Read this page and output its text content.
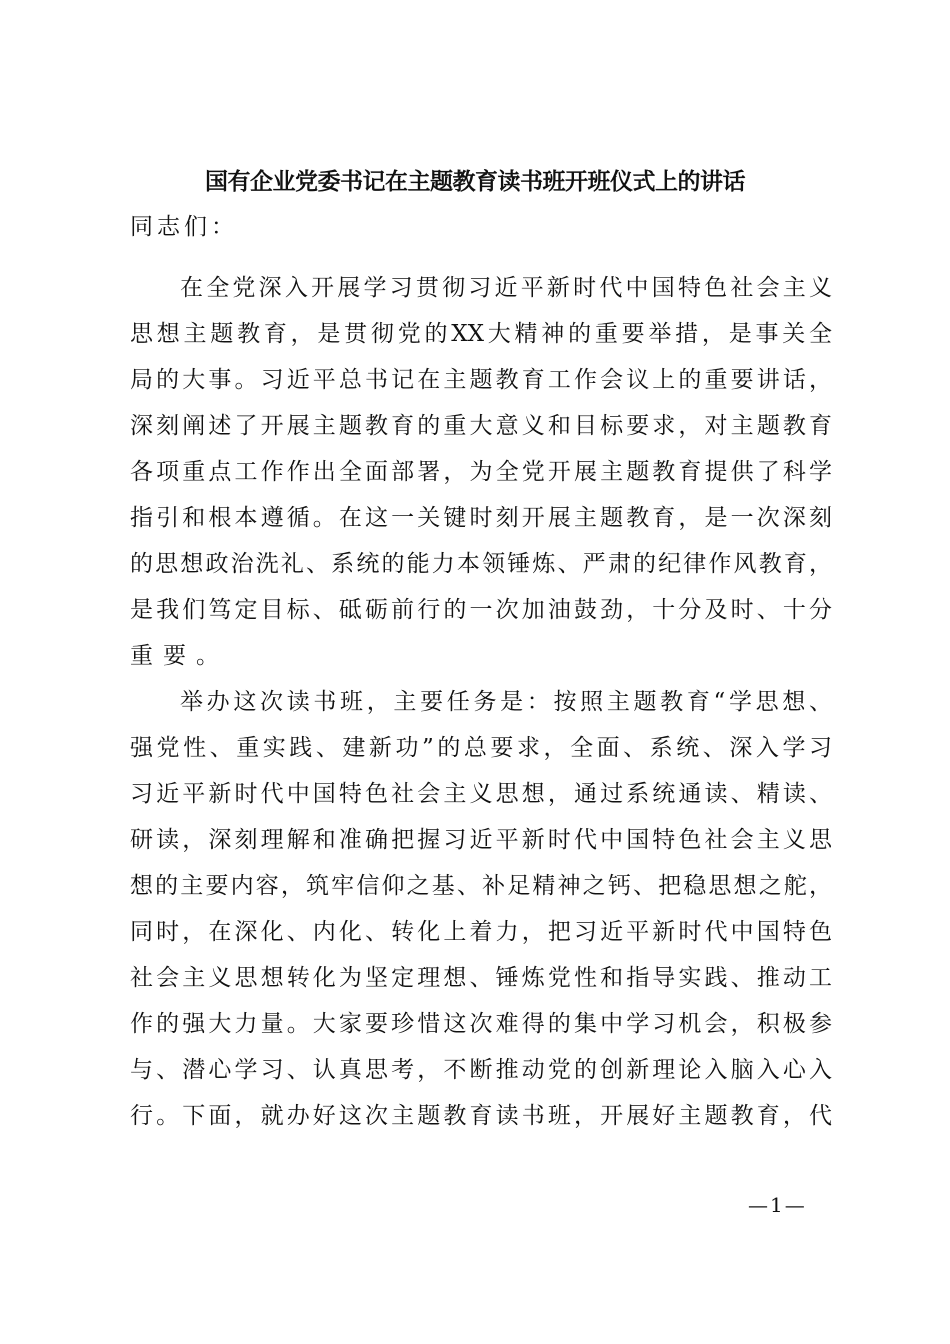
国有企业党委书记在主题教育读书班开班仪式上的讲话
同志们：
在全党深入开展学习贯彻习近平新时代中国特色社会主义
思想主题教育，是贯彻党的XX大精神的重要举措，是事关全
局的大事。习近平总书记在主题教育工作会议上的重要讲话，
深刻阐述了开展主题教育的重大意义和目标要求，对主题教育
各项重点工作作出全面部署，为全党开展主题教育提供了科学
指引和根本遵循。在这一关键时刻开展主题教育，是一次深刻
的思想政治洗礼、系统的能力本领锤炼、严肃的纪律作风教育，
是我们笃定目标、砥砺前行的一次加油鼓劲，十分及时、十分
重要。
举办这次读书班，主要任务是：按照主题教育“学思想、
强党性、重实践、建新功”的总要求，全面、系统、深入学习
习近平新时代中国特色社会主义思想，通过系统通读、精读、
研读，深刻理解和准确把握习近平新时代中国特色社会主义思
想的主要内容，筑牢信仰之基、补足精神之钙、把稳思想之舵，
同时，在深化、内化、转化上着力，把习近平新时代中国特色
社会主义思想转化为坚定理想、锤炼党性和指导实践、推动工
作的强大力量。大家要珍惜这次难得的集中学习机会，积极参
与、潜心学习、认真思考，不断推动党的创新理论入脑入心入
行。下面，就办好这次主题教育读书班，开展好主题教育，代
—1—
